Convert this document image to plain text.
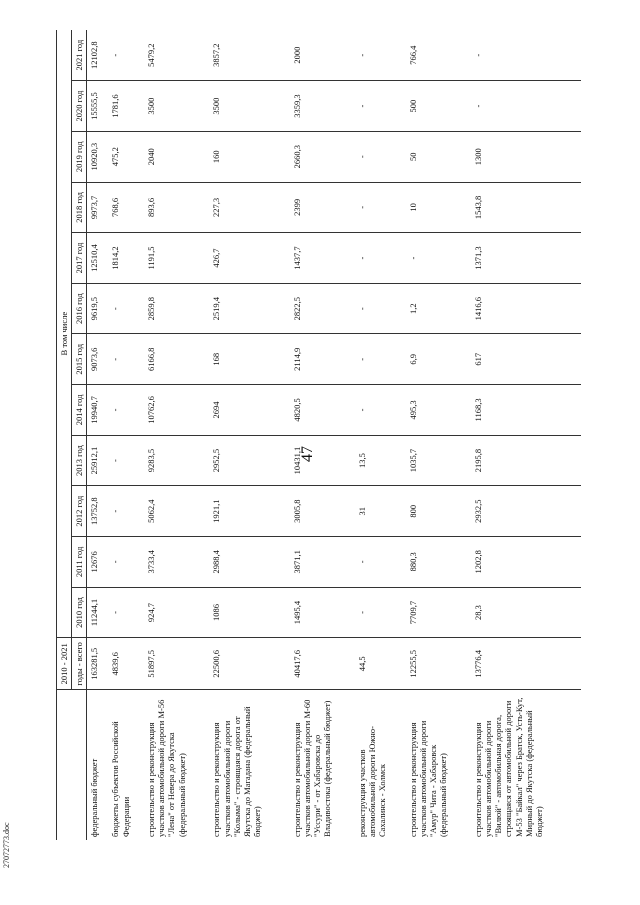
47
	2010 - 2021	В том числе											
	годы - всего	2010 год	2011 год	2012 год	2013 год	2014 год	2015 год	2016 год	2017 год	2018 год	2019 год	2020 год	2021 год
федеральный бюджет	163281,5	11244,1	12676	13752,8	25912,1	19940,7	9073,6	9619,5	12510,4	9973,7	10920,3	15555,5	12102,8
бюджеты субъектов Российской Федерации	4839,6	-	-	-	-	-	-	-	1814,2	768,6	475,2	1781,6	-
строительство и реконструкция участков автомобильной дороги М-56 "Лена" от Невера до Якутска (федеральный бюджет)	51897,5	924,7	3733,4	5062,4	9283,5	10762,6	6166,8	2859,8	1191,5	893,6	2040	3500	5479,2
строительство и реконструкция участков автомобильной дороги "Колыма" - строящаяся дорога от Якутска до Магадана (федеральный бюджет)	22500,6	1086	2988,4	1921,1	2952,5	2694	168	2519,4	426,7	227,3	160	3500	3857,2
строительство и реконструкция участков автомобильной дороги М-60 "Уссури" - от Хабаровска до Владивостока (федеральный бюджет)	40417,6	1495,4	3871,1	3005,8	10431,1	4820,5	2114,9	2822,5	1437,7	2399	2660,3	3359,3	2000
реконструкция участков автомобильной дороги Южно-Сахалинск - Холмск	44,5	-	-	31	13,5	-	-	-	-	-	-	-	-
строительство и реконструкция участков автомобильной дороги "Амур" Чита - Хабаровск (федеральный бюджет)	12255,5	7709,7	880,3	800	1035,7	495,3	6,9	1,2	-	10	50	500	766,4
строительство и реконструкция участков автомобильной дороги "Вилюй" - автомобильная дорога, строящаяся от автомобильной дороги М-53 "Байкал" через Братск, Усть-Кут, Мирный до Якутска (федеральный бюджет)	13776,4	28,3	1202,8	2932,5	2195,8	1168,3	617	1416,6	1371,3	1543,8	1300	-	-
27072773.doc
